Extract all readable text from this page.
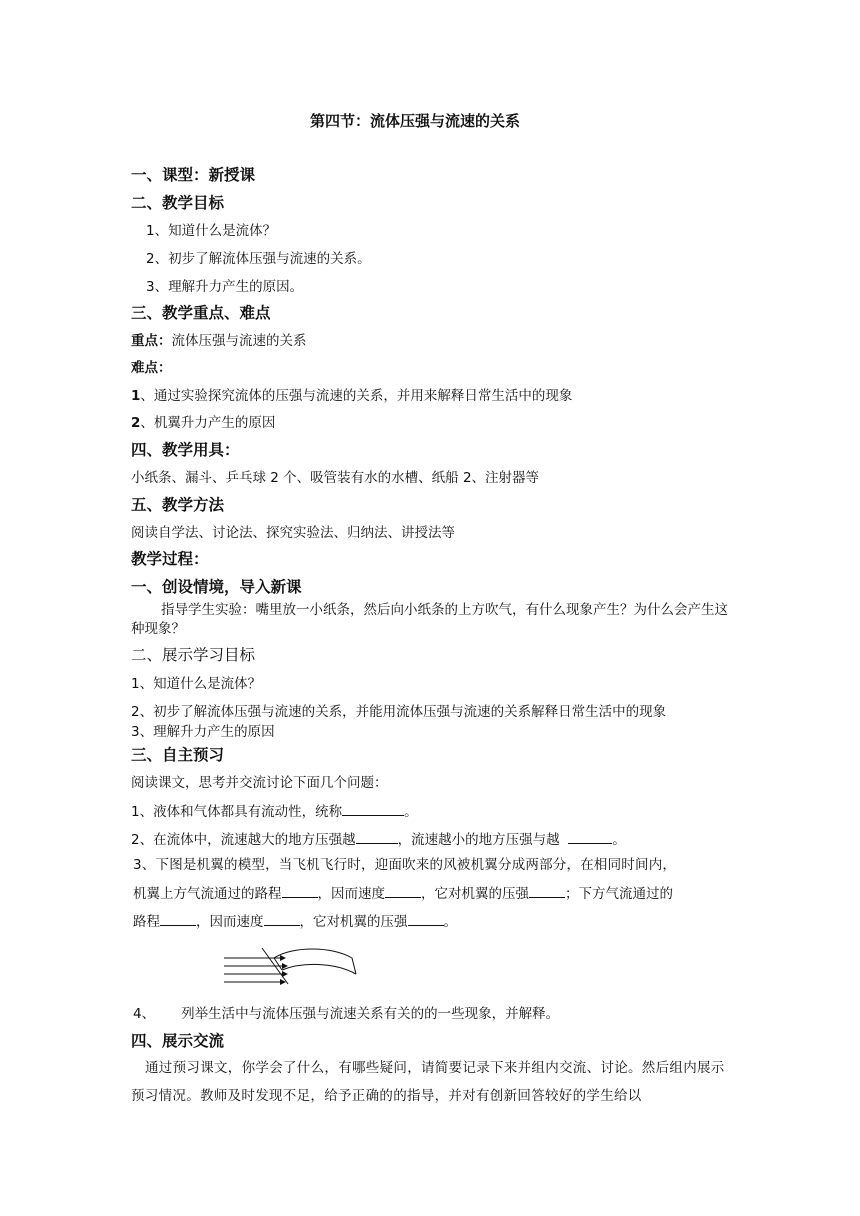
第四节：流体压强与流速的关系
一、课型：新授课
二、教学目标
1、知道什么是流体？
2、初步了解流体压强与流速的关系。
3、理解升力产生的原因。
三、教学重点、难点
重点：流体压强与流速的关系
难点：
1、通过实验探究流体的压强与流速的关系，并用来解释日常生活中的现象
2、机翼升力产生的原因
四、教学用具：
小纸条、漏斗、乒乓球 2 个、吸管装有水的水槽、纸船 2、注射器等
五、教学方法
阅读自学法、讨论法、探究实验法、归纳法、讲授法等
教学过程：
一、创设情境，导入新课
指导学生实验：嘴里放一小纸条，然后向小纸条的上方吹气，有什么现象产生？为什么会产生这种现象？
二、展示学习目标
1、知道什么是流体？
2、初步了解流体压强与流速的关系，并能用流体压强与流速的关系解释日常生活中的现象
3、理解升力产生的原因
三、自主预习
阅读课文，思考并交流讨论下面几个问题：
1、液体和气体都具有流动性，统称	。
2、在流体中，流速越大的地方压强越	，流速越小的地方压强与越	。
3、下图是机翼的模型，当飞机飞行时，迎面吹来的风被机翼分成两部分，在相同时间内，
机翼上方气流通过的路程	，因而速度	，它对机翼的压强	；下方气流通过的
路程	，因而速度	，它对机翼的压强	。
4、 列举生活中与流体压强与流速关系有关的的一些现象，并解释。
四、展示交流
通过预习课文，你学会了什么，有哪些疑问，请简要记录下来并组内交流、讨论。然后组内展示预习情况。教师及时发现不足，给予正确的的指导，并对有创新回答较好的学生给以
